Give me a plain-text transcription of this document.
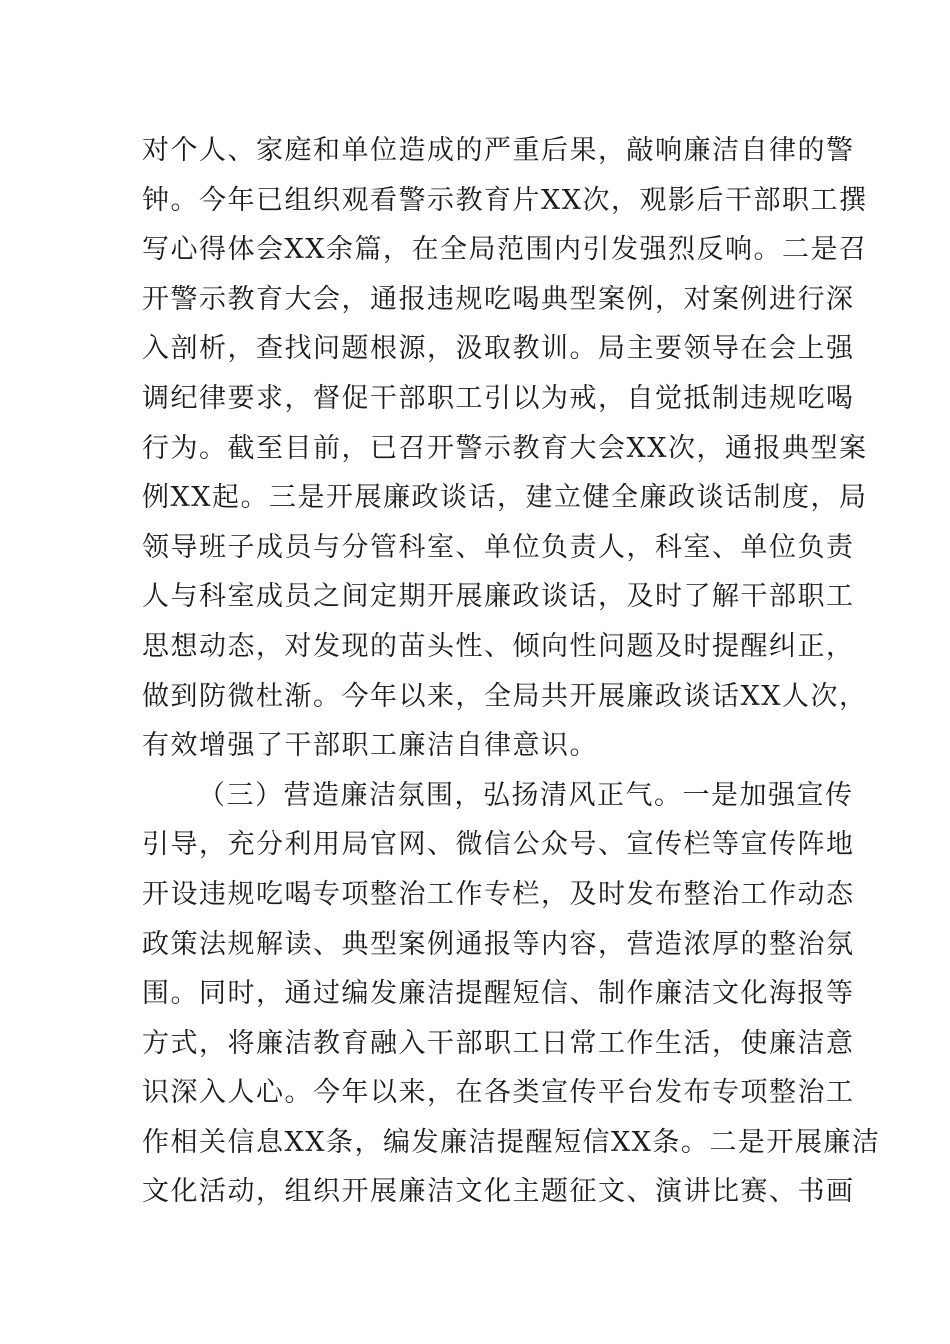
对个人、家庭和单位造成的严重后果，敲响廉洁自律的警
钟。今年已组织观看警示教育片XX次，观影后干部职工撰
写心得体会XX余篇，在全局范围内引发强烈反响。二是召
开警示教育大会，通报违规吃喝典型案例，对案例进行深
入剖析，查找问题根源，汲取教训。局主要领导在会上强
调纪律要求，督促干部职工引以为戒，自觉抵制违规吃喝
行为。截至目前，已召开警示教育大会XX次，通报典型案
例XX起。三是开展廉政谈话，建立健全廉政谈话制度，局
领导班子成员与分管科室、单位负责人，科室、单位负责
人与科室成员之间定期开展廉政谈话，及时了解干部职工
思想动态，对发现的苗头性、倾向性问题及时提醒纠正，
做到防微杜渐。今年以来，全局共开展廉政谈话XX人次，
有效增强了干部职工廉洁自律意识。
（三）营造廉洁氛围，弘扬清风正气。一是加强宣传
引导，充分利用局官网、微信公众号、宣传栏等宣传阵地
开设违规吃喝专项整治工作专栏，及时发布整治工作动态
政策法规解读、典型案例通报等内容，营造浓厚的整治氛
围。同时，通过编发廉洁提醒短信、制作廉洁文化海报等
方式，将廉洁教育融入干部职工日常工作生活，使廉洁意
识深入人心。今年以来，在各类宣传平台发布专项整治工
作相关信息XX条，编发廉洁提醒短信XX条。二是开展廉洁
文化活动，组织开展廉洁文化主题征文、演讲比赛、书画
